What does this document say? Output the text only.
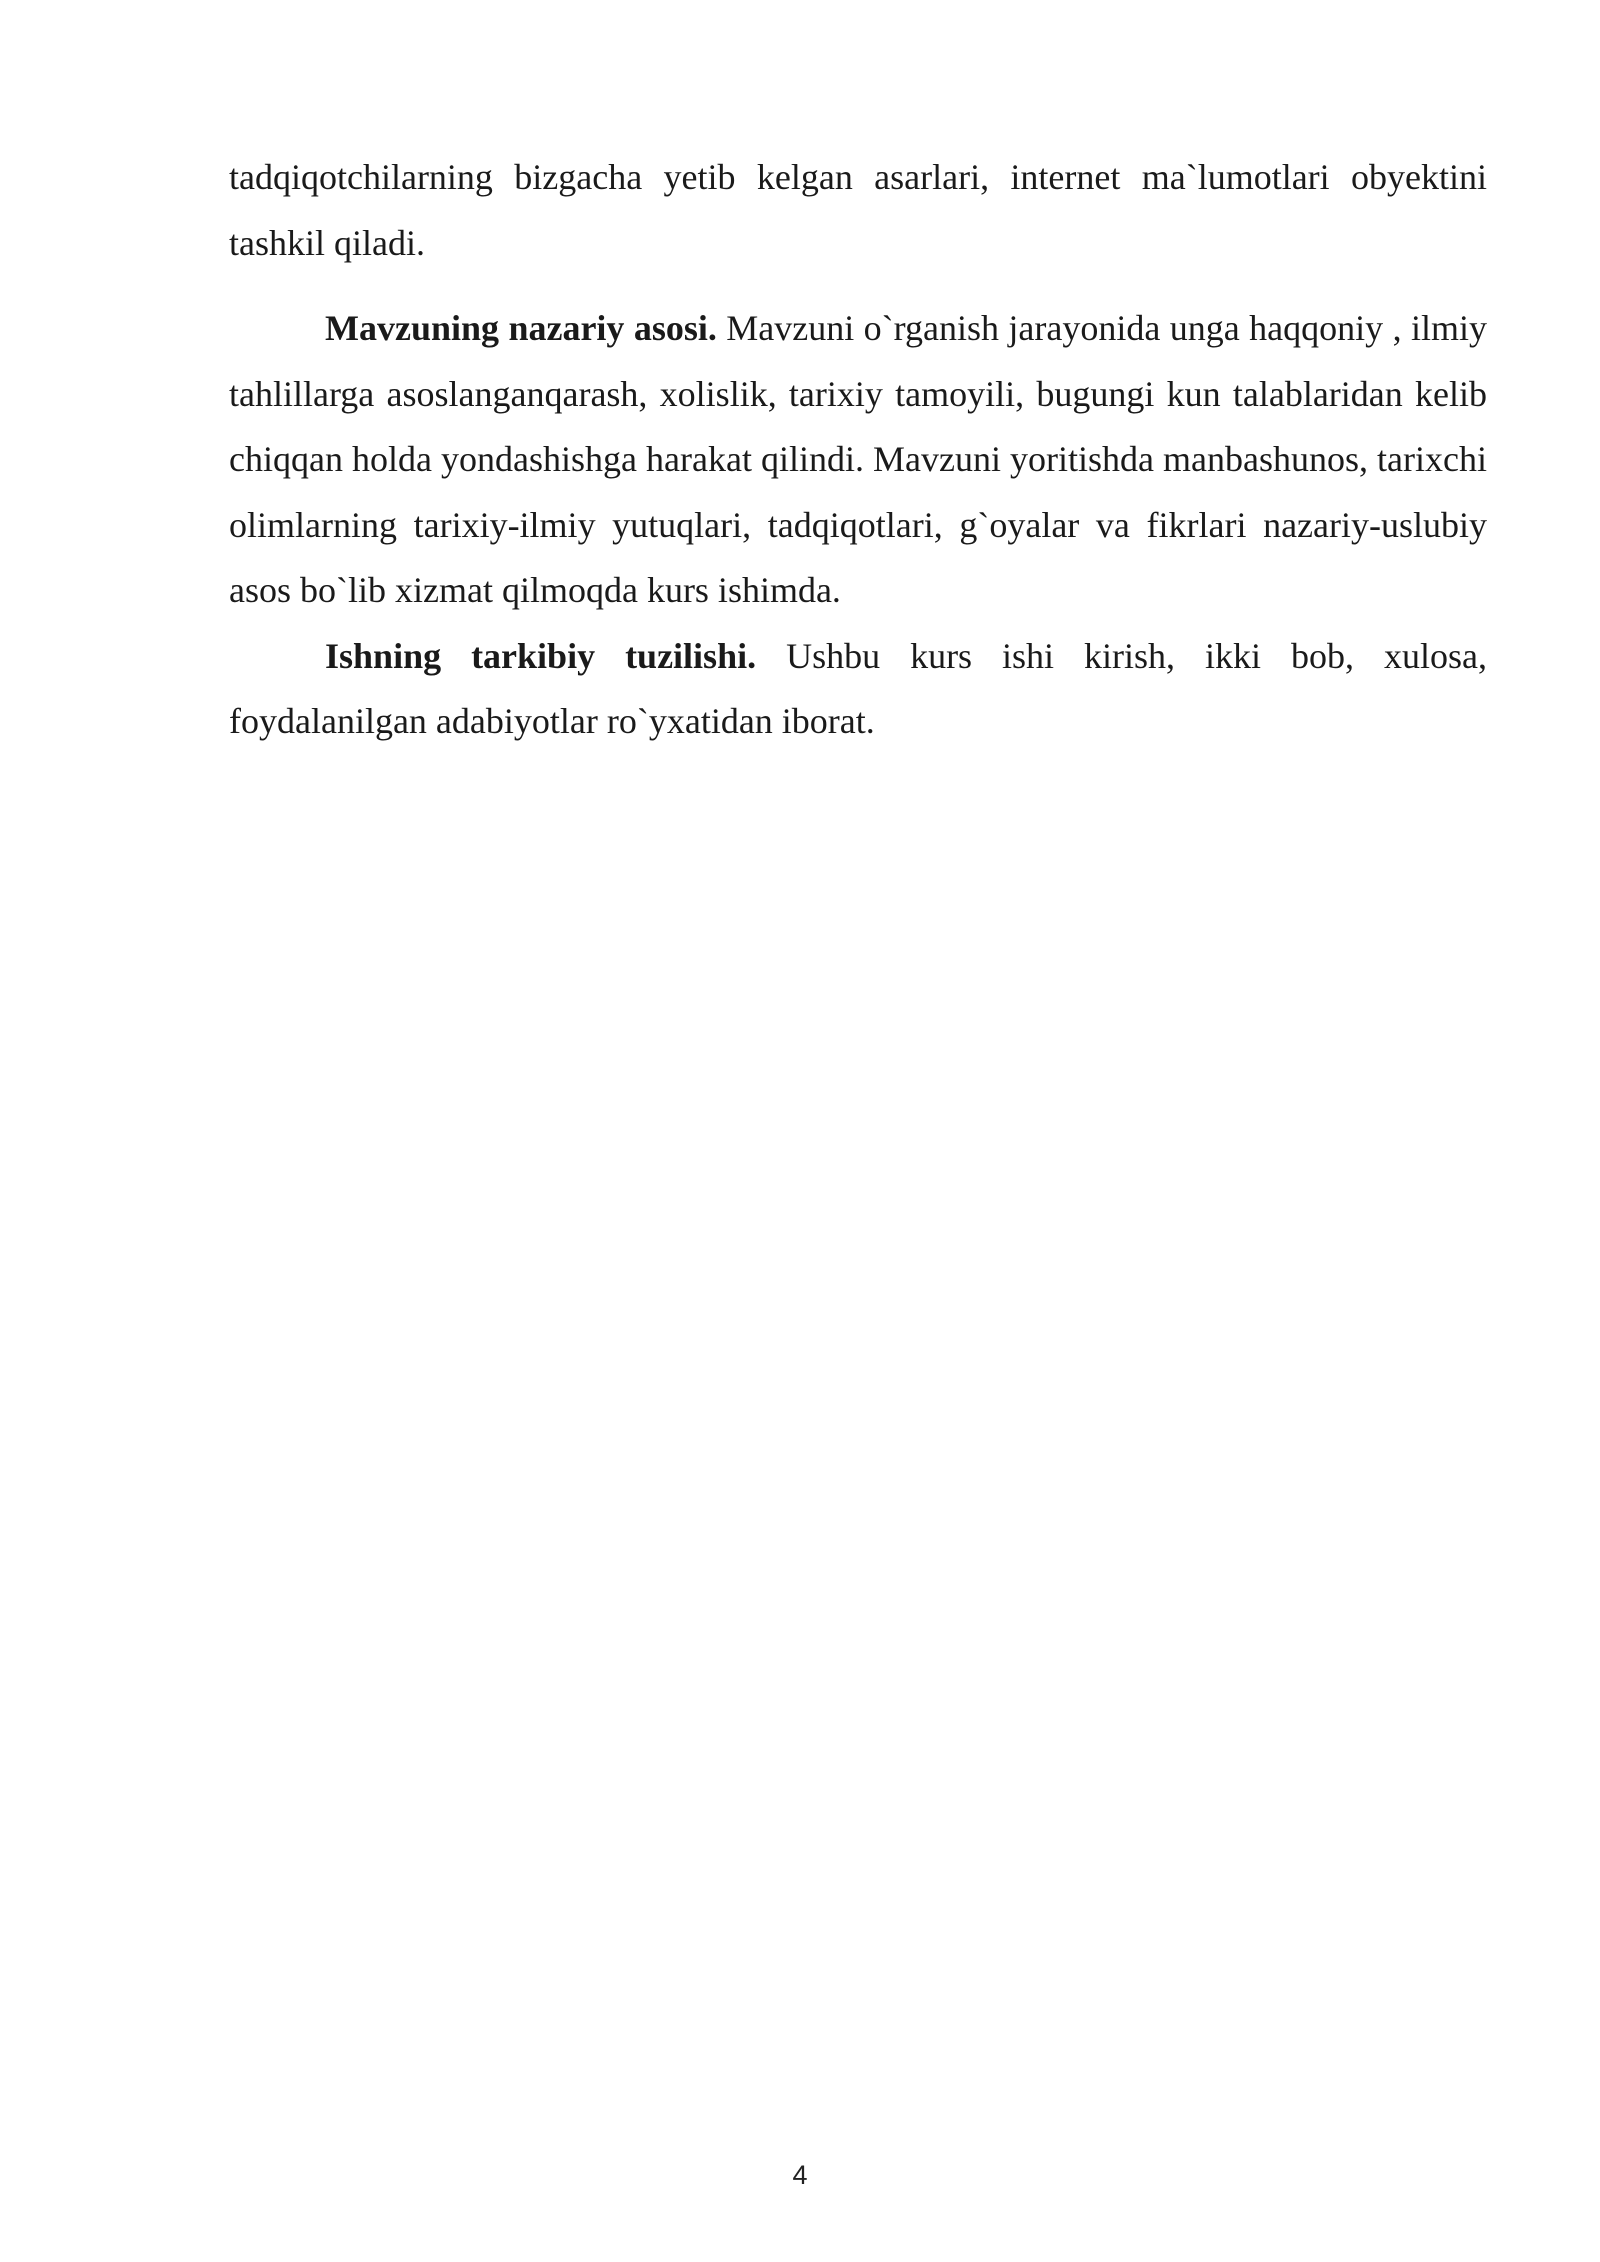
tadqiqotchilarning bizgacha yetib kelgan asarlari, internet ma`lumotlari obyektini tashkil qiladi.

Mavzuning nazariy asosi. Mavzuni o`rganish jarayonida unga haqqoniy , ilmiy tahlillarga asoslanganqarash, xolislik, tarixiy tamoyili, bugungi kun talablaridan kelib chiqqan holda yondashishga harakat qilindi. Mavzuni yoritishda manbashunos, tarixchi olimlarning tarixiy-ilmiy yutuqlari, tadqiqotlari, g`oyalar va fikrlari nazariy-uslubiy asos bo`lib xizmat qilmoqda kurs ishimda.

Ishning tarkibiy tuzilishi. Ushbu kurs ishi kirish, ikki bob, xulosa, foydalanilgan adabiyotlar ro`yxatidan iborat.

4
